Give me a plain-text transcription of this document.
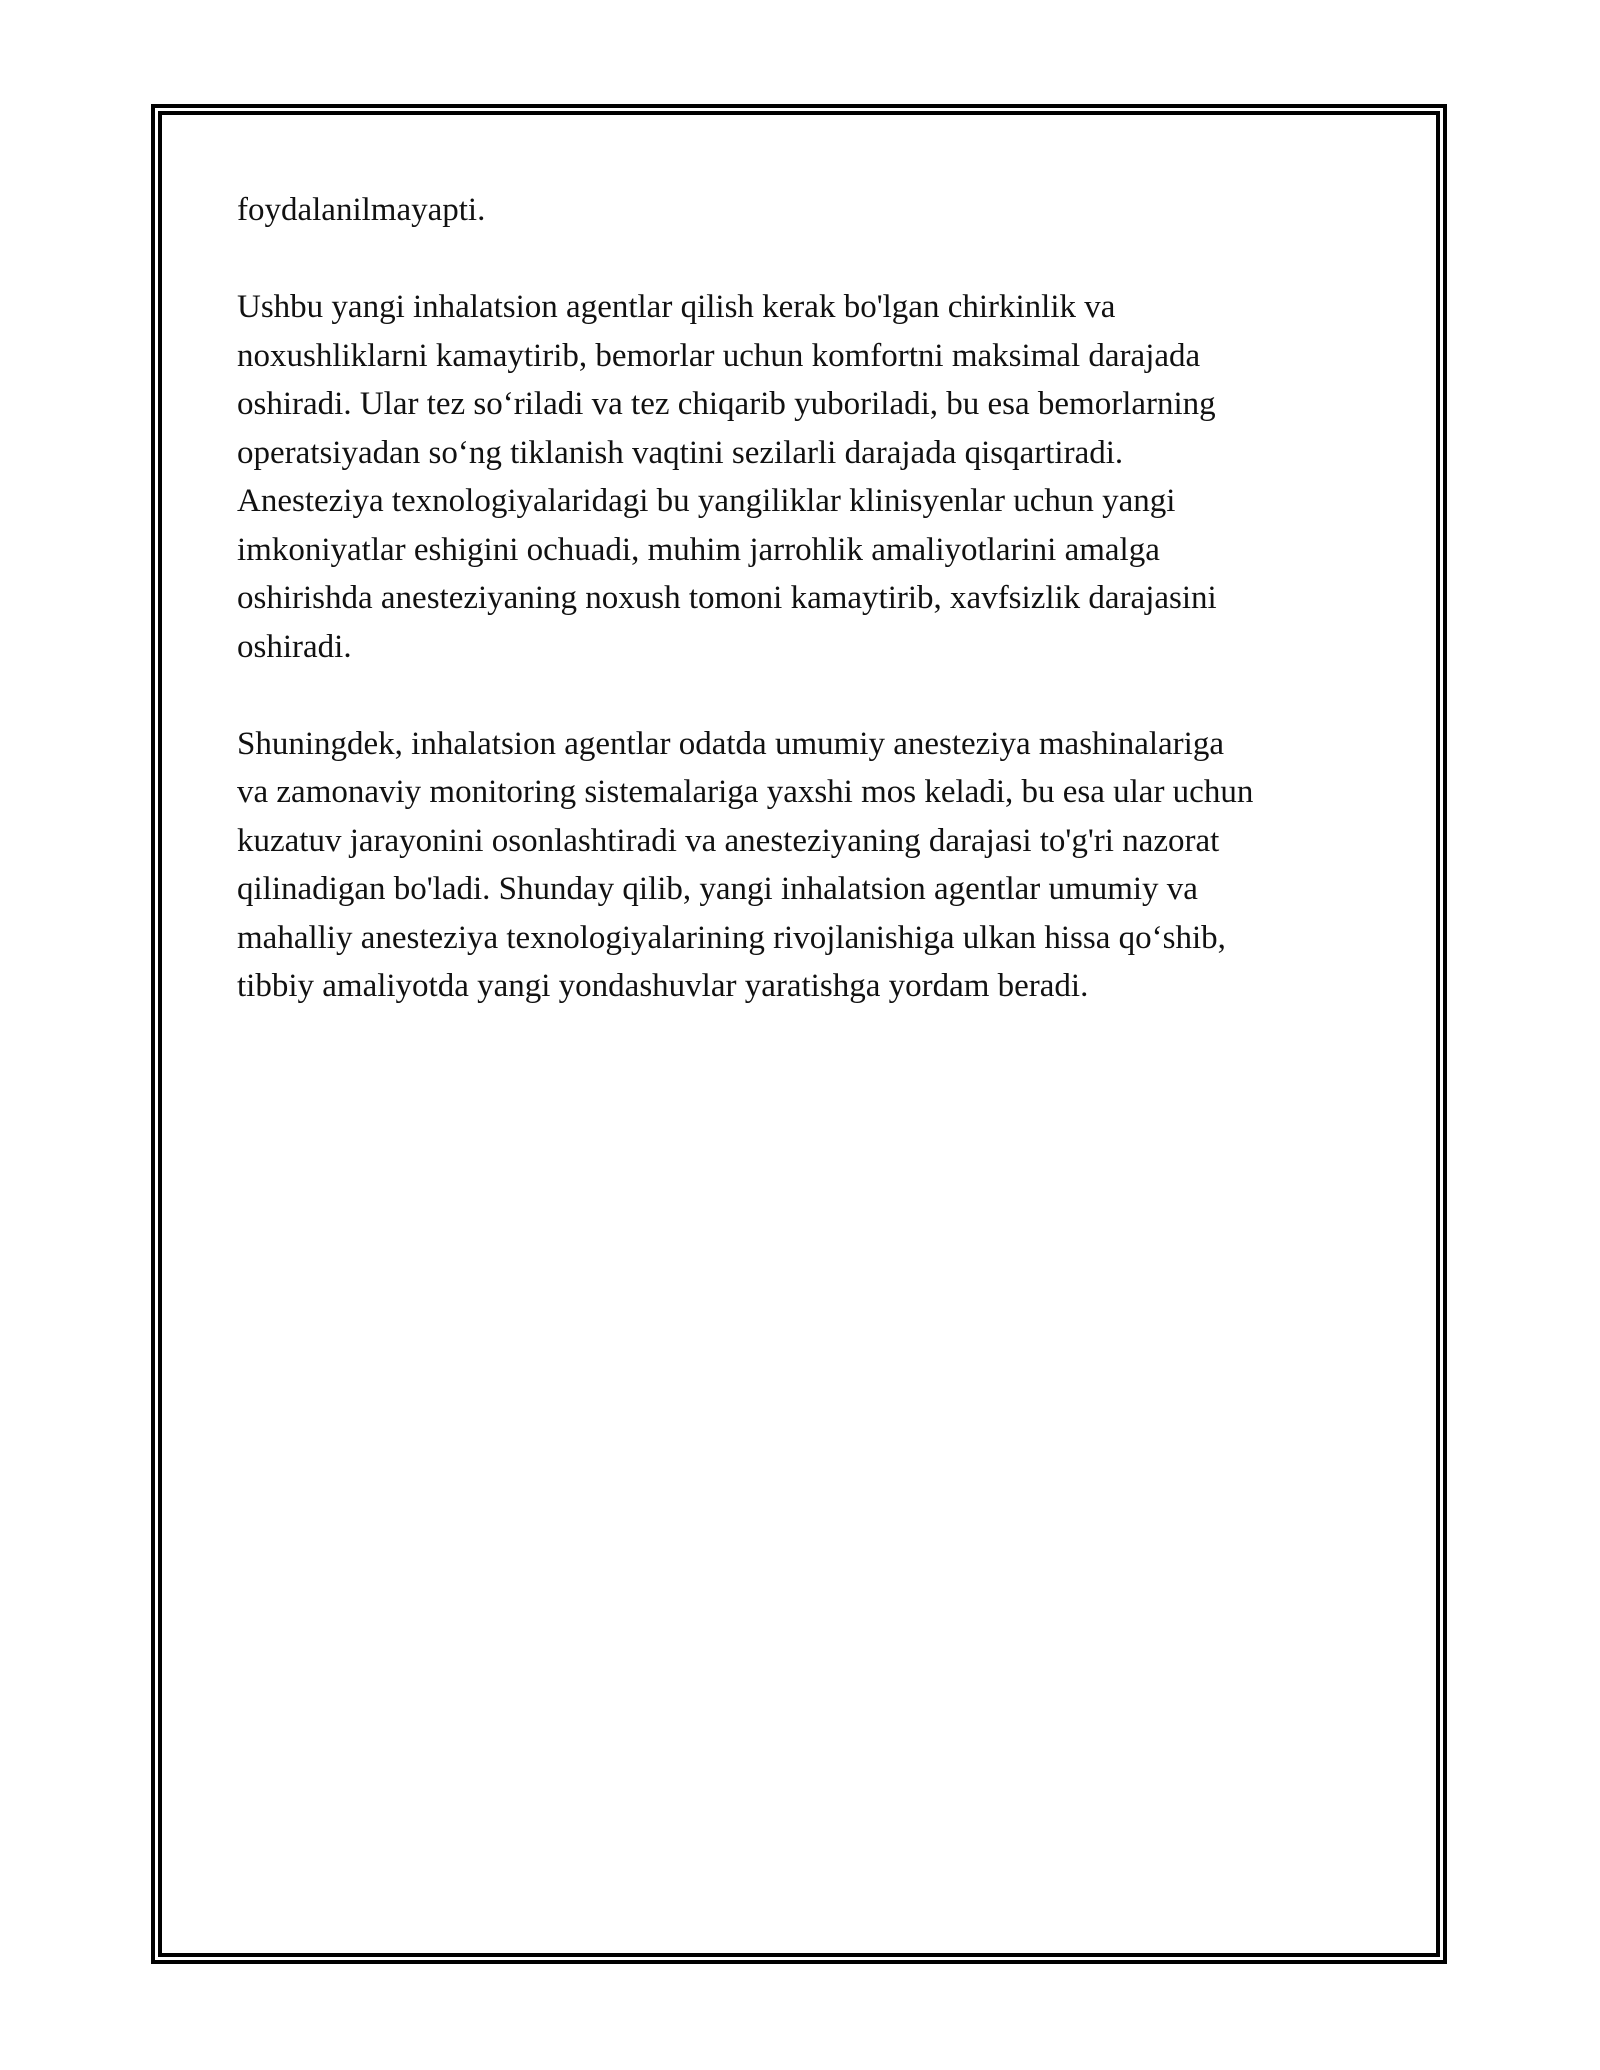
foydalanilmayapti.

Ushbu yangi inhalatsion agentlar qilish kerak bo'lgan chirkinlik va
noxushliklarni kamaytirib, bemorlar uchun komfortni maksimal darajada
oshiradi. Ular tez so‘riladi va tez chiqarib yuboriladi, bu esa bemorlarning
operatsiyadan so‘ng tiklanish vaqtini sezilarli darajada qisqartiradi.
Anesteziya texnologiyalaridagi bu yangiliklar klinisyenlar uchun yangi
imkoniyatlar eshigini ochuadi, muhim jarrohlik amaliyotlarini amalga
oshirishda anesteziyaning noxush tomoni kamaytirib, xavfsizlik darajasini
oshiradi.

Shuningdek, inhalatsion agentlar odatda umumiy anesteziya mashinalariga
va zamonaviy monitoring sistemalariga yaxshi mos keladi, bu esa ular uchun
kuzatuv jarayonini osonlashtiradi va anesteziyaning darajasi to'g'ri nazorat
qilinadigan bo'ladi. Shunday qilib, yangi inhalatsion agentlar umumiy va
mahalliy anesteziya texnologiyalarining rivojlanishiga ulkan hissa qo‘shib,
tibbiy amaliyotda yangi yondashuvlar yaratishga yordam beradi.
